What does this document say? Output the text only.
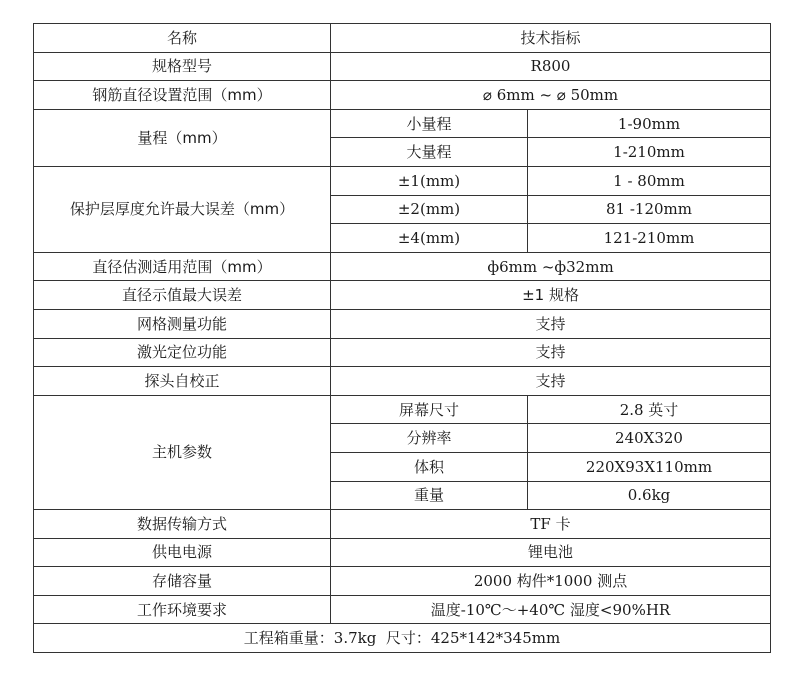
名称	技术指标	
规格型号	R800	
钢筋直径设置范围（mm）	⌀ 6mm ~ ⌀ 50mm	
量程（mm）	小量程	1-90mm
	大量程	1-210mm
保护层厚度允许最大误差（mm）	±1(mm)	1 - 80mm
	±2(mm)	81 -120mm
	±4(mm)	121-210mm
直径估测适用范围（mm）	ф6mm ~ф32mm	
直径示值最大误差	±1 规格	
网格测量功能	支持	
激光定位功能	支持	
探头自校正	支持	
主机参数	屏幕尺寸	2.8 英寸
	分辨率	240X320
	体积	220X93X110mm
	重量	0.6kg
数据传输方式	TF 卡	
供电电源	锂电池	
存储容量	2000 构件*1000 测点	
工作环境要求	温度-10℃～+40℃ 湿度<90%HR	
工程箱重量：3.7kg  尺寸：425*142*345mm		
